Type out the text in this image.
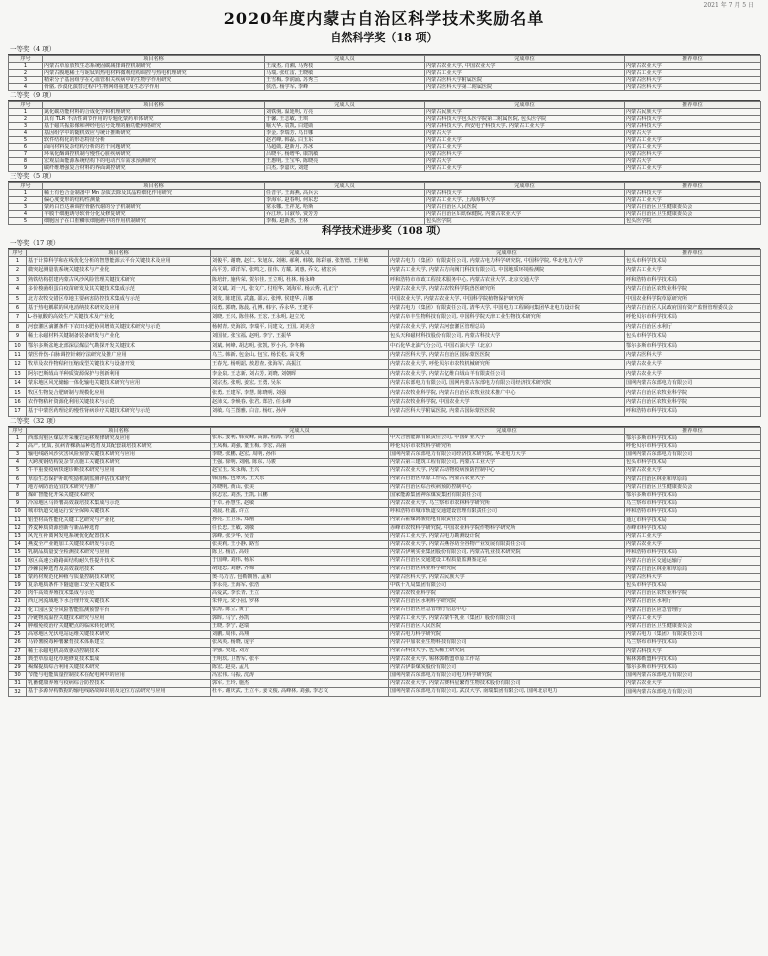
2021 年 7 月 5 日
2020年度内蒙古自治区科学技术奖励名单
自然科学奖（18 项）
一等奖（4 项）
序号	项目名称	完成人员	完成单位	推荐单位
1	内蒙古草原放牧生态系统固碳减排调控机制研究	王成杰, 肖湘, 马秀枝	内蒙古农业大学, 中国农业大学	内蒙古农业大学
2	内蒙古腹地稀土与铌钛钨热电材料微观结构调控与热电机理研究	马瑞, 张红雷, 王晓敏	内蒙古工业大学	内蒙古工业大学
3	精索分子基因组学在心血管相关疾病中的生物学作用研究	王雪梅, 李润涌, 苏秀兰	内蒙古医科大学附属医院	内蒙古医科大学
4	骨骼, 沙漠化演替过程中生物网络重建及生态学作用	侯浩, 杨学军, 李峰	内蒙古医科大学第二附属医院	内蒙古医科大学
二等奖（9 项）
序号	项目名称	完成人员	完成单位	推荐单位
1	氮化碳功能材料的合成化学和机理研究	刘铁驹, 温延明, 方亮	内蒙古民族大学	内蒙古民族大学
2	具有 TLR 不活性调节作用的专题化蒙药单体研究	于馨, 王志敏, 王琪	内蒙古科技大学包头医学院第二附属医院, 包头医学院	内蒙古科技大学
3	基于磁共振影像和神经电信号处理的脑功能网络研究	喻大华, 袁凯, 白建勋	内蒙古科技大学, 西安电子科技大学, 内蒙古工业大学	内蒙古科技大学
4	基因组学中的随机效应与统计推断研究	李金, 李瑞芳, 乌日娜	内蒙古大学	内蒙古大学
5	软件结构化的形态特征分析	赵君峰, 韩磊, 白玉东	内蒙古工业大学	内蒙古工业大学
6	面向材料复杂结构分析的若干问题研究	马超勋, 赵新月, 苏冰	内蒙古工业大学	内蒙古工业大学
7	环氧化酶调控机制与慢性心脏疾病研究	吕晓平, 杨增华, 康凯敏	内蒙古医科大学	内蒙古医科大学
8	宏观层面能源系统结构下的电动汽车需求预测研究	王惠明, 王宝华, 陈晓亮	内蒙古大学	内蒙古大学
9	碳纤维增强复合材料的界面调控研究	白杰, 李嘉庆, 刘建	内蒙古工业大学	内蒙古工业大学
三等奖（5 项）
序号	项目名称	完成人员	完成单位	推荐单位
1	稀土有色合金制备中 Mn 杂质去除及其晶粒细化作用研究	任晋宇, 王海燕, 高兵云	内蒙古科技大学	内蒙古科技大学
2	偏心度变形的结构性测量	李海军, 赵春明, 何东忠	内蒙古工业大学, 上海海事大学	内蒙古工业大学
3	蒙药白苣达素调控骨骼代谢的分子机制研究	常永娜, 王祥龙, 哈斯	内蒙古自治区人民医院	内蒙古自治区卫生健康委员会
4	羊膜干细胞诱导软骨分化及修复研究	乔江珍, 吕淑琴, 贾芳芳	内蒙古自治区妇幼保健院, 内蒙古农业大学	内蒙古自治区卫生健康委员会
5	细胞因子在口腔鳞状细胞癌中的作用机制研究	李梅, 赵新杰, 王林	包头医学院	包头医学院
科学技术进步奖（108 项）
一等奖（17 项）
序号	项目名称	完成人员	完成单位	推荐单位
1	基于计算科学和在线优化分析的智慧能源云平台关键技术及应用	刘俊平, 谢晓, 赵仁, 朱旭东, 刘彬, 郝利, 韩敬, 陈彩丽, 张智德, 王世敏	内蒙古电力（集团）有限责任公司, 内蒙古电力科学研究院, 中国科学院, 华北电力大学	包头市科学技术局
2	微突起测量装系统关键技术与产业化	高平芳, 谭洋军, 张鸣之, 崔伟, 方耀, 刘惠, 乔文, 褚宏兵	内蒙古工业大学, 内蒙古方向阀门科技有限公司, 中国地质环境检测院	内蒙古工业大学
3	熟铁结构搭建内蒙古风沙风险管理关键技术研究	陈培轩, 施传荣, 贺尔佳, 王立明, 杜林, 杨永峰	呼和浩特市市政工程技术服务中心, 内蒙古农业大学, 北京交通大学	呼和浩特市科学技术局
4	多价梭菌组蛋白疫苗研发及其关键技术集成示范	刘文斌, 刘一凡, 张文广, 付绍华, 刘海军, 杨云秀, 孔正宁	内蒙古农业大学, 内蒙古农牧科学院兽医研究所	内蒙古自治区农牧业科学院
5	北方农牧交错区草地主要病害防控技术集成与示范	刘发, 陈建国, 武鑫, 邵云, 张博, 侯建华, 吕娜	中国农业大学, 内蒙古农业大学, 中国科学院植物保护研究所	中国农业科学院草原研究所
6	基于热电耦联的风电消纳技术研究及应用	闵勇, 郭晓, 陈晨, 孔博, 韩宇, 乔永华, 王建平	内蒙古电力（集团）有限责任公司, 清华大学, 中国电力工程顾问集团华北电力设计院	内蒙古自治区人民政府国有资产监督管理委员会
7	L-谷氨酸的高效生产关键技术及产业化	刘晓, 王兴, 陈佳林, 王宏, 王永明, 赵立光	内蒙古阜丰生物科技有限公司, 中国科学院天津工业生物技术研究所	呼伦贝尔市科学技术局
8	河套灌区滴灌条件下农田水肥协同增效关键技术研究与示范	杨树青, 史海滨, 李瑞平, 闫建文, 王国, 刘美含	内蒙古农业大学, 内蒙古河套灌区管理总局	内蒙古自治区水利厅
9	稀土永磁材料关键制备装备研发与产业化	刘国征, 张宝福, 赵明, 李宁, 王振华	包头天和磁材科技股份有限公司, 内蒙古科技大学	包头市科学技术局
10	鄂尔多斯盆地北部深层煤层气勘探开发关键技术	刘斌, 何峰, 胡志明, 张凯, 罗小兵, 李冬梅	中石化华北油气分公司, 中国石油大学（北京）	鄂尔多斯市科学技术局
11	蒙医骨伤-白脉调控针刺疗法研究及推广应用	乌兰, 韩新, 包金山, 包宝, 杨长松, 高文秀	内蒙古医科大学, 内蒙古自治区国际蒙医医院	内蒙古医科大学
12	牧草及农作物秸秆压缩成型关键技术与设备开发	王春光, 杨明韶, 敖恩查, 张海军, 高振江	内蒙古农业大学, 呼伦贝尔市农牧机械研究所	内蒙古农业大学
13	阿尔巴斯绒山羊种质资源保护与创新利用	李金泉, 王志新, 刘占芳, 刘晓, 刘朝晖	内蒙古农业大学, 内蒙古亿维白绒山羊有限责任公司	内蒙古农业大学
14	蒙东地区风光储输一体化输电关键技术研究与应用	刘宗杰, 张明, 姜宏, 王勇, 吴东	内蒙古东部电力有限公司, 国网内蒙古东部电力有限公司经济技术研究院	国网内蒙古东部电力有限公司
15	牧区生物复合肥研制与规模化应用	张勇, 王建军, 李慧, 陈晓明, 刘强	内蒙古农牧业科学院, 内蒙古自治区农牧业技术推广中心	内蒙古自治区农牧业科学院
16	农作物秸秆资源化利用关键技术与示范	赵沛义, 李焕春, 张君, 郑岩, 任永峰	内蒙古农牧业科学院, 中国农业大学	内蒙古自治区农牧业科学院
17	基于中蒙医药理论的慢性肾病诊疗关键技术研究与示范	刘敏, 乌兰图雅, 白音, 杨红, 孙萍	内蒙古医科大学附属医院, 内蒙古国际蒙医医院	呼和浩特市科学技术局
二等奖（32 项）
序号	项目名称	完成人员	完成单位	推荐单位
1	西部沟壑区煤层开采覆岩运移规律研究及应用	张东, 姜利, 韩贵峰, 高源, 程海, 李君	中天合创能源有限责任公司, 中国矿业大学	鄂尔多斯市科学技术局
2	高产, 优质, 抗病青稞新品种选育及其配套栽培技术研究	王凤梅, 刘强, 董玉梅, 李宏, 高丽	呼伦贝尔市农牧科学研究所	呼伦贝尔市科学技术局
3	输电线路风沙灾害风险预警关键技术研究与应用	李晓, 张鹏, 赵宏, 周明, 孙伟	国网内蒙古东部电力有限公司经济技术研究院, 华北电力大学	国网内蒙古东部电力有限公司
4	大跨度钢结构复杂节点施工关键技术研究	王强, 徐明, 刘刚, 陈东, 马骏	内蒙古第三建筑工程有限公司, 内蒙古工业大学	包头市科学技术局
5	牛羊重要疫病快速诊断技术研究与应用	赵宝玉, 朱永梅, 王兴	内蒙古农业大学, 内蒙古动物疫病预防控制中心	内蒙古农业大学
6	草原生态保护补助奖励机制监测评估技术研究	韩国栋, 包翠英, 王天乐	内蒙古自治区草原工作站, 内蒙古农业大学	内蒙古自治区林业和草原局
7	地方病防治适宜技术研究与推广	苏晓明, 黄山, 张美	内蒙古自治区综合疾病预防控制中心	内蒙古自治区卫生健康委员会
8	煤矿智能化开采关键技术研究	侯志宏, 刘杰, 王凯, 吕鹏	国家能源集团神东煤炭集团有限责任公司	鄂尔多斯市科学技术局
9	冷凉地区马铃薯高效栽培技术集成与示范	于卓, 孙慧生, 赵敏	内蒙古农业大学, 乌兰察布市农林科学研究所	乌兰察布市科学技术局
10	城市轨道交通运行安全保障关键技术	刘晨, 杜鑫, 许立	呼和浩特市城市轨道交通建设管理有限责任公司	呼和浩特市科学技术局
11	铝型材高性能化关键工艺研究与产业化	孙亮, 王卫东, 郑刚	内蒙古霍煤鸿骏铝电有限责任公司	通辽市科学技术局
12	荞麦种质资源创新与新品种选育	任长忠, 王敏, 刘敬	赤峰市农牧科学研究院, 中国农业科学院作物科学研究所	赤峰市科学技术局
13	风光互补离网发电系统优化配置技术	郭峰, 张少华, 吴晋	内蒙古工业大学, 内蒙古电力勘测设计院	内蒙古工业大学
14	燕麦全产业链加工关键技术研发与示范	张美莉, 王小静, 路雪	内蒙古农业大学, 内蒙古燕谷坊全谷物产业发展有限责任公司	内蒙古农业大学
15	乳制品质量安全检测技术研究与应用	陈卫, 杨洁, 高娃	内蒙古伊利实业集团股份有限公司, 内蒙古乳业技术研究院	呼和浩特市科学技术局
16	寒区高速公路路面结构耐久性提升技术	于国峰, 刘伟, 杨东	内蒙古自治区交通建设工程质量监测鉴定站	内蒙古自治区交通运输厅
17	沙棘良种选育及高效栽培技术	胡建忠, 刘静, 齐锦	内蒙古自治区林业科学研究院	内蒙古自治区林业和草原局
18	蒙药材规范化种植与质量控制技术研究	奥·乌力吉, 包勒朝鲁, 孟和	内蒙古医科大学, 内蒙古民族大学	内蒙古医科大学
19	复杂地质条件下隧道施工安全关键技术	李永亮, 王海军, 张浩	中铁十九局集团有限公司	包头市科学技术局
20	肉牛高效养殖技术集成与示范	高爱武, 李长青, 王立	内蒙古农牧业科学院	内蒙古自治区农牧业科学院
21	西辽河流域地下水合理开发关键技术	朱仲元, 宋小园, 罗林	内蒙古自治区水利科学研究院	内蒙古自治区水利厅
22	化工园区安全风险智能监测预警平台	张涛, 陈立, 黄宁	内蒙古自治区应急管理厅信息中心	内蒙古自治区应急管理厅
23	冷链物流温控关键技术研究与应用	郭晖, 马宁, 孙凯	内蒙古工业大学, 内蒙古蒙牛乳业（集团）股份有限公司	内蒙古工业大学
24	肿瘤免疫治疗关键靶点的临床转化研究	王晓, 李宁, 赵瑞	内蒙古自治区人民医院	内蒙古自治区卫生健康委员会
25	高寒地区光伏电站运维关键技术研究	刘鹏, 周伟, 高翔	内蒙古电力科学研究院	内蒙古电力（集团）有限责任公司
26	马铃薯脱毒种薯繁育技术体系建立	张凤英, 杨晓, 庞宇	内蒙古中加农业生物科技有限公司	乌兰察布市科学技术局
27	稀土永磁电机高效驱动控制技术	李强, 吴建, 刘芳	内蒙古科技大学, 包头稀土研究院	内蒙古科技大学
28	典型草原退化草地修复技术集成	王明玖, 卫智军, 张平	内蒙古农业大学, 锡林郭勒盟草原工作站	锡林郭勒盟科学技术局
29	褐煤提质综合利用关键技术研究	陈宏, 赵亮, 孟凡	内蒙古伊泰煤炭股份有限公司	鄂尔多斯市科学技术局
30	节能与电能质量控制技术在配电网中的应用	冯宏伟, 马振, 沈涛	国网内蒙古东部电力有限公司电力科学研究院	国网内蒙古东部电力有限公司
31	乳畜健康养殖与疫病综合防控技术	郭军, 王玲, 施杰	内蒙古农业大学, 内蒙古赛科星繁育生物技术股份有限公司	内蒙古农业大学
32	基于多源异构数据的输电线路故障识别及定位方法研究与应用	杜平, 谢庆武, 王立平, 姜文俊, 高峰林, 刘强, 李志文	国网内蒙古东部电力有限公司, 武汉大学, 南瑞集团有限公司, 国网北京电力	国网内蒙古东部电力有限公司
